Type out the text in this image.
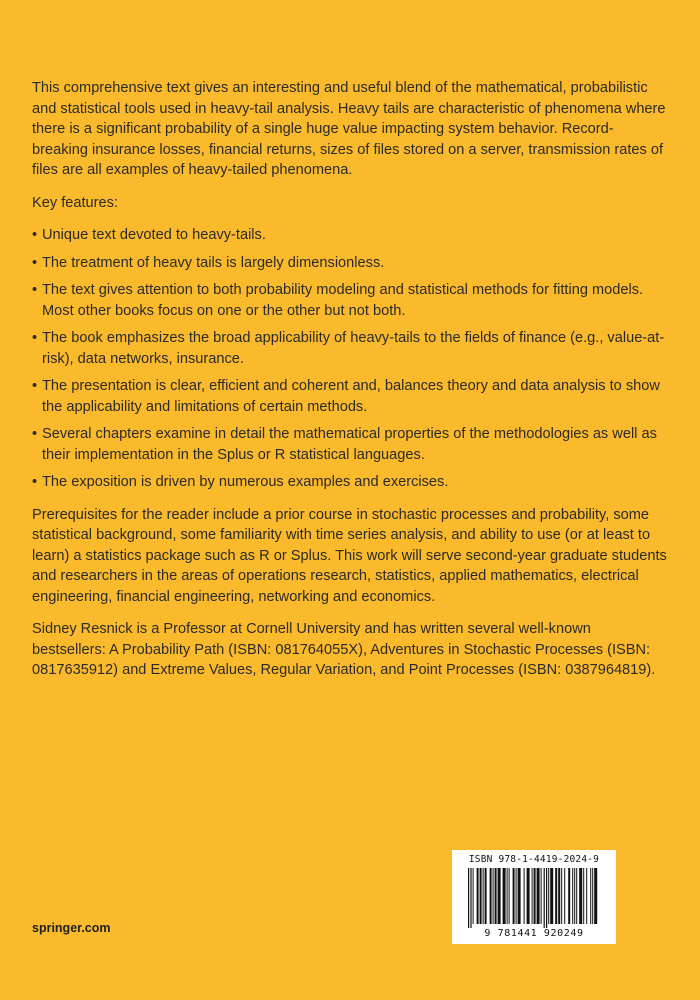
This comprehensive text gives an interesting and useful blend of the mathematical, probabilistic and statistical tools used in heavy-tail analysis. Heavy tails are characteristic of phenomena where there is a significant probability of a single huge value impacting system behavior. Record-breaking insurance losses, financial returns, sizes of files stored on a server, transmission rates of files are all examples of heavy-tailed phenomena.

Key features:

• Unique text devoted to heavy-tails.
• The treatment of heavy tails is largely dimensionless.
• The text gives attention to both probability modeling and statistical methods for fitting models. Most other books focus on one or the other but not both.
• The book emphasizes the broad applicability of heavy-tails to the fields of finance (e.g., value-at- risk), data networks, insurance.
• The presentation is clear, efficient and coherent and, balances theory and data analysis to show the applicability and limitations of certain methods.
• Several chapters examine in detail the mathematical properties of the methodologies as well as their implementation in the Splus or R statistical languages.
• The exposition is driven by numerous examples and exercises.

Prerequisites for the reader include a prior course in stochastic processes and probability, some statistical background, some familiarity with time series analysis, and ability to use (or at least to learn) a statistics package such as R or Splus. This work will serve second-year graduate students and researchers in the areas of operations research, statistics, applied mathematics, electrical engineering, financial engineering, networking and economics.

Sidney Resnick is a Professor at Cornell University and has written several well-known bestsellers: A Probability Path (ISBN: 081764055X), Adventures in Stochastic Processes (ISBN: 0817635912) and Extreme Values, Regular Variation, and Point Processes (ISBN: 0387964819).

springer.com
ISBN 978-1-4419-2024-9
9 781441 920249
